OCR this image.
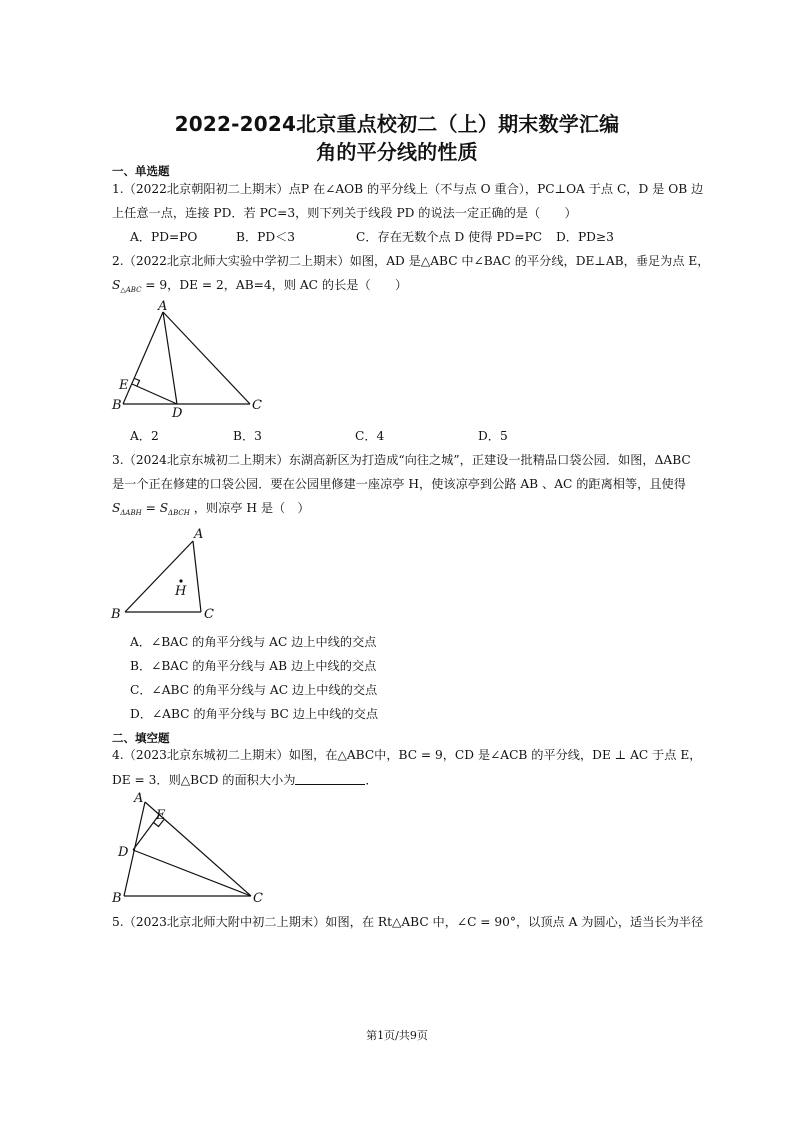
2022-2024北京重点校初二（上）期末数学汇编
角的平分线的性质
一、单选题
1.（2022北京朝阳初二上期末）点P 在∠AOB 的平分线上（不与点 O 重合），PC⊥OA 于点 C，D 是 OB 边
上任意一点，连接 PD．若 PC=3，则下列关于线段 PD 的说法一定正确的是（　　）
A．PD=PO	B．PD＜3	C．存在无数个点 D 使得 PD=PC D．PD≥3
2.（2022北京北师大实验中学初二上期末）如图，AD 是△ABC 中∠BAC 的平分线，DE⊥AB，垂足为点 E，
$S_{\triangle ABC} = 9$，DE = 2，AB=4，则 AC 的长是（　　）
A
E
B
D
C
A．2	B．3	C．4	D．5
3.（2024北京东城初二上期末）东湖高新区为打造成“向往之城”，正建设一批精品口袋公园．如图，ΔABC
是一个正在修建的口袋公园．要在公园里修建一座凉亭 H，使该凉亭到公路 AB 、AC 的距离相等，且使得
$S_{\Delta ABH} = S_{\Delta BCH}$ ，则凉亭 H 是（　）
A
H
B	C
A．∠BAC 的角平分线与 AC 边上中线的交点
B．∠BAC 的角平分线与 AB 边上中线的交点
C．∠ABC 的角平分线与 AC 边上中线的交点
D．∠ABC 的角平分线与 BC 边上中线的交点
二、填空题
4.（2023北京东城初二上期末）如图，在△ABC中，BC = 9，CD 是∠ACB 的平分线，DE ⊥ AC 于点 E，
DE = 3．则△BCD 的面积大小为	．
A
E
D
B	C
5.（2023北京北师大附中初二上期末）如图，在 Rt△ABC 中，∠C = 90°，以顶点 A 为圆心，适当长为半径
第1页/共9页
